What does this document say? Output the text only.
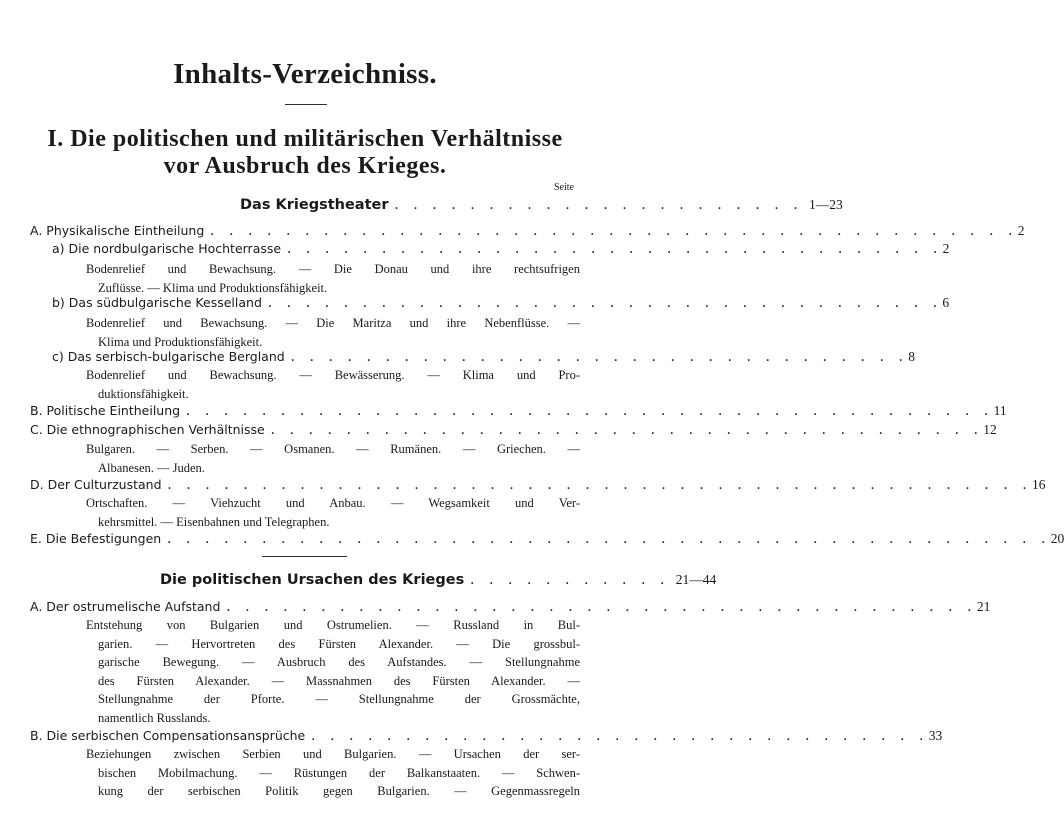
Inhalts-Verzeichniss.
I. Die politischen und militärischen Verhältnisse
vor Ausbruch des Krieges.
Seite
Das Kriegstheater . . . . . . . . . . . . . . . . . . . . . . 1—23
A. Physikalische Eintheilung . . . . . . . . . . . . . . . . . . . . . . . . . . . . . . . . . . . . . . . . . . . 2
a) Die nordbulgarische Hochterrasse . . . . . . . . . . . . . . . . . . . . . . . . . . . . . . . . . . . 2
Bodenrelief und Bewachsung. — Die Donau und ihre rechtsufrigen
Zuflüsse. — Klima und Produktionsfähigkeit.
b) Das südbulgarische Kesselland . . . . . . . . . . . . . . . . . . . . . . . . . . . . . . . . . . . . 6
Bodenrelief und Bewachsung. — Die Maritza und ihre Nebenflüsse. —
Klima und Produktionsfähigkeit.
c) Das serbisch-bulgarische Bergland . . . . . . . . . . . . . . . . . . . . . . . . . . . . . . . . . 8
Bodenrelief und Bewachsung. — Bewässerung. — Klima und Pro-
duktionsfähigkeit.
B. Politische Eintheilung . . . . . . . . . . . . . . . . . . . . . . . . . . . . . . . . . . . . . . . . . . . 11
C. Die ethnographischen Verhältnisse . . . . . . . . . . . . . . . . . . . . . . . . . . . . . . . . . . . . . . 12
Bulgaren. — Serben. — Osmanen. — Rumänen. — Griechen. —
Albanesen. — Juden.
D. Der Culturzustand . . . . . . . . . . . . . . . . . . . . . . . . . . . . . . . . . . . . . . . . . . . . . . 16
Ortschaften. — Viehzucht und Anbau. — Wegsamkeit und Ver-
kehrsmittel. — Eisenbahnen und Telegraphen.
E. Die Befestigungen . . . . . . . . . . . . . . . . . . . . . . . . . . . . . . . . . . . . . . . . . . . . . . . 20
Die politischen Ursachen des Krieges . . . . . . . . . . . 21—44
A. Der ostrumelische Aufstand . . . . . . . . . . . . . . . . . . . . . . . . . . . . . . . . . . . . . . . . 21
Entstehung von Bulgarien und Ostrumelien. — Russland in Bul-
garien. — Hervortreten des Fürsten Alexander. — Die grossbul-
garische Bewegung. — Ausbruch des Aufstandes. — Stellungnahme
des Fürsten Alexander. — Massnahmen des Fürsten Alexander. —
Stellungnahme der Pforte. — Stellungnahme der Grossmächte,
namentlich Russlands.
B. Die serbischen Compensationsansprüche . . . . . . . . . . . . . . . . . . . . . . . . . . . . . . . . . 33
Beziehungen zwischen Serbien und Bulgarien. — Ursachen der ser-
bischen Mobilmachung. — Rüstungen der Balkanstaaten. — Schwen-
kung der serbischen Politik gegen Bulgarien. — Gegenmassregeln
